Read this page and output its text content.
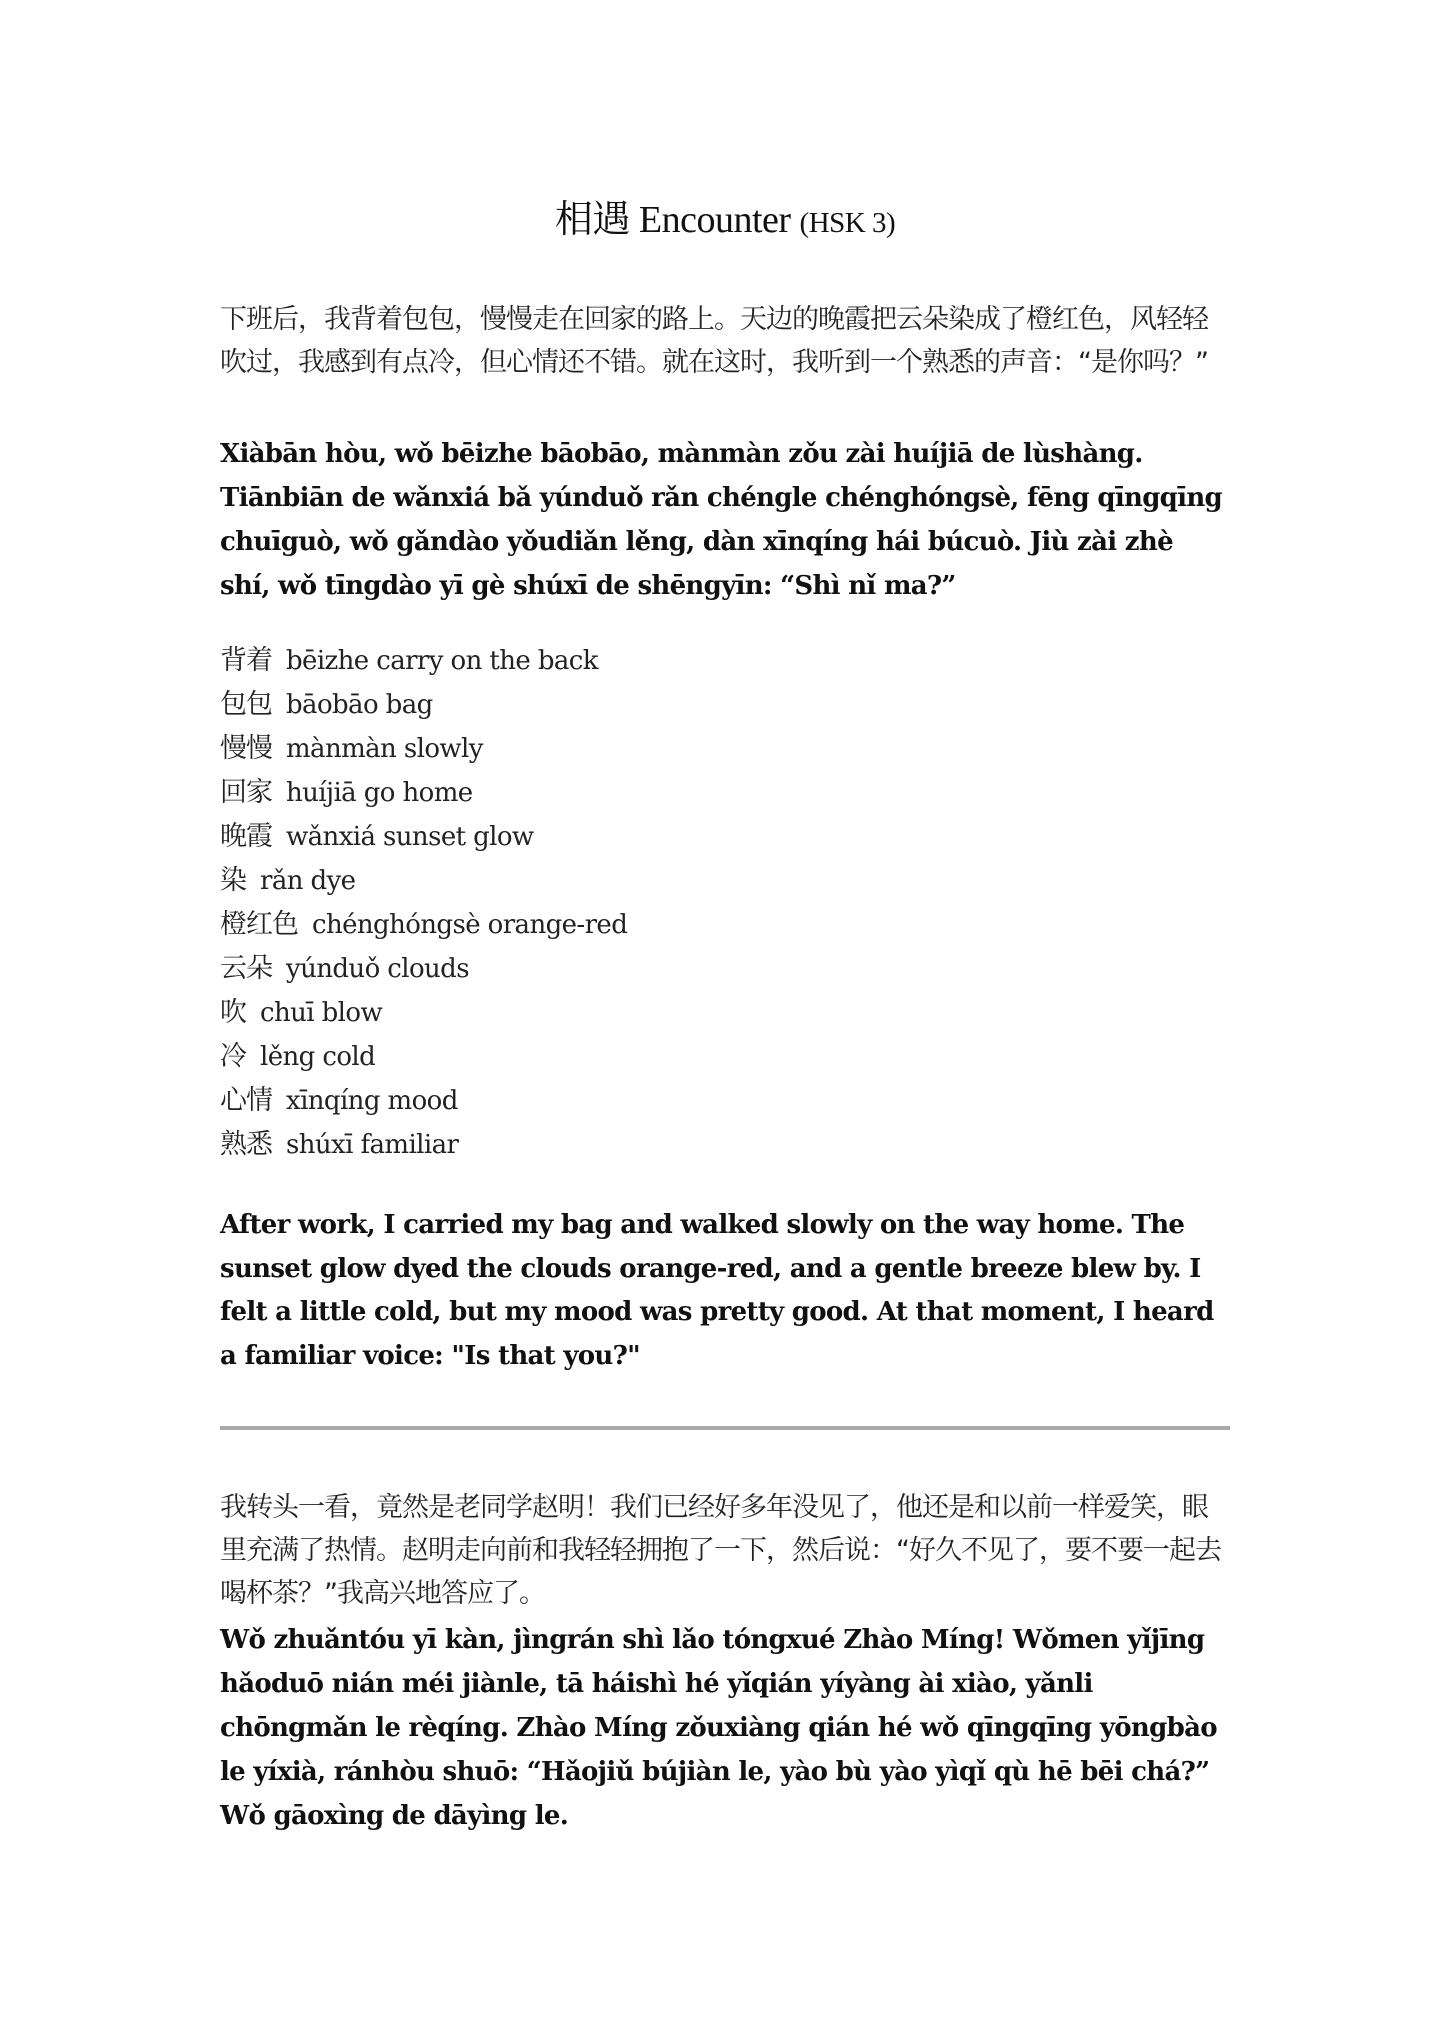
相遇 Encounter (HSK 3)

下班后，我背着包包，慢慢走在回家的路上。天边的晚霞把云朵染成了橙红色，风轻轻吹过，我感到有点冷，但心情还不错。就在这时，我听到一个熟悉的声音：“是你吗？”

Xiàbān hòu, wǒ bēizhe bāobāo, mànmàn zǒu zài huíjiā de lùshàng. Tiānbiān de wǎnxiá bǎ yúnduǒ rǎn chéngle chénghóngsè, fēng qīngqīng chuīguò, wǒ gǎndào yǒudiǎn lěng, dàn xīnqíng hái búcuò. Jiù zài zhè shí, wǒ tīngdào yī gè shúxī de shēngyīn: “Shì nǐ ma?”

背着 bēizhe carry on the back
包包 bāobāo bag
慢慢 mànmàn slowly
回家 huíjiā go home
晚霞 wǎnxiá sunset glow
染 rǎn dye
橙红色 chénghóngsè orange-red
云朵 yúnduǒ clouds
吹 chuī blow
冷 lěng cold
心情 xīnqíng mood
熟悉 shúxī familiar

After work, I carried my bag and walked slowly on the way home. The sunset glow dyed the clouds orange-red, and a gentle breeze blew by. I felt a little cold, but my mood was pretty good. At that moment, I heard a familiar voice: "Is that you?"

我转头一看，竟然是老同学赵明！我们已经好多年没见了，他还是和以前一样爱笑，眼里充满了热情。赵明走向前和我轻轻拥抱了一下，然后说：“好久不见了，要不要一起去喝杯茶？”我高兴地答应了。

Wǒ zhuǎntóu yī kàn, jìngrán shì lǎo tóngxué Zhào Míng! Wǒmen yǐjīng hǎoduō nián méi jiànle, tā háishì hé yǐqián yíyàng ài xiào, yǎnli chōngmǎn le rèqíng. Zhào Míng zǒuxiàng qián hé wǒ qīngqīng yōngbào le yíxià, ránhòu shuō: “Hǎojiǔ bújiàn le, yào bù yào yìqǐ qù hē bēi chá?” Wǒ gāoxìng de dāyìng le.
